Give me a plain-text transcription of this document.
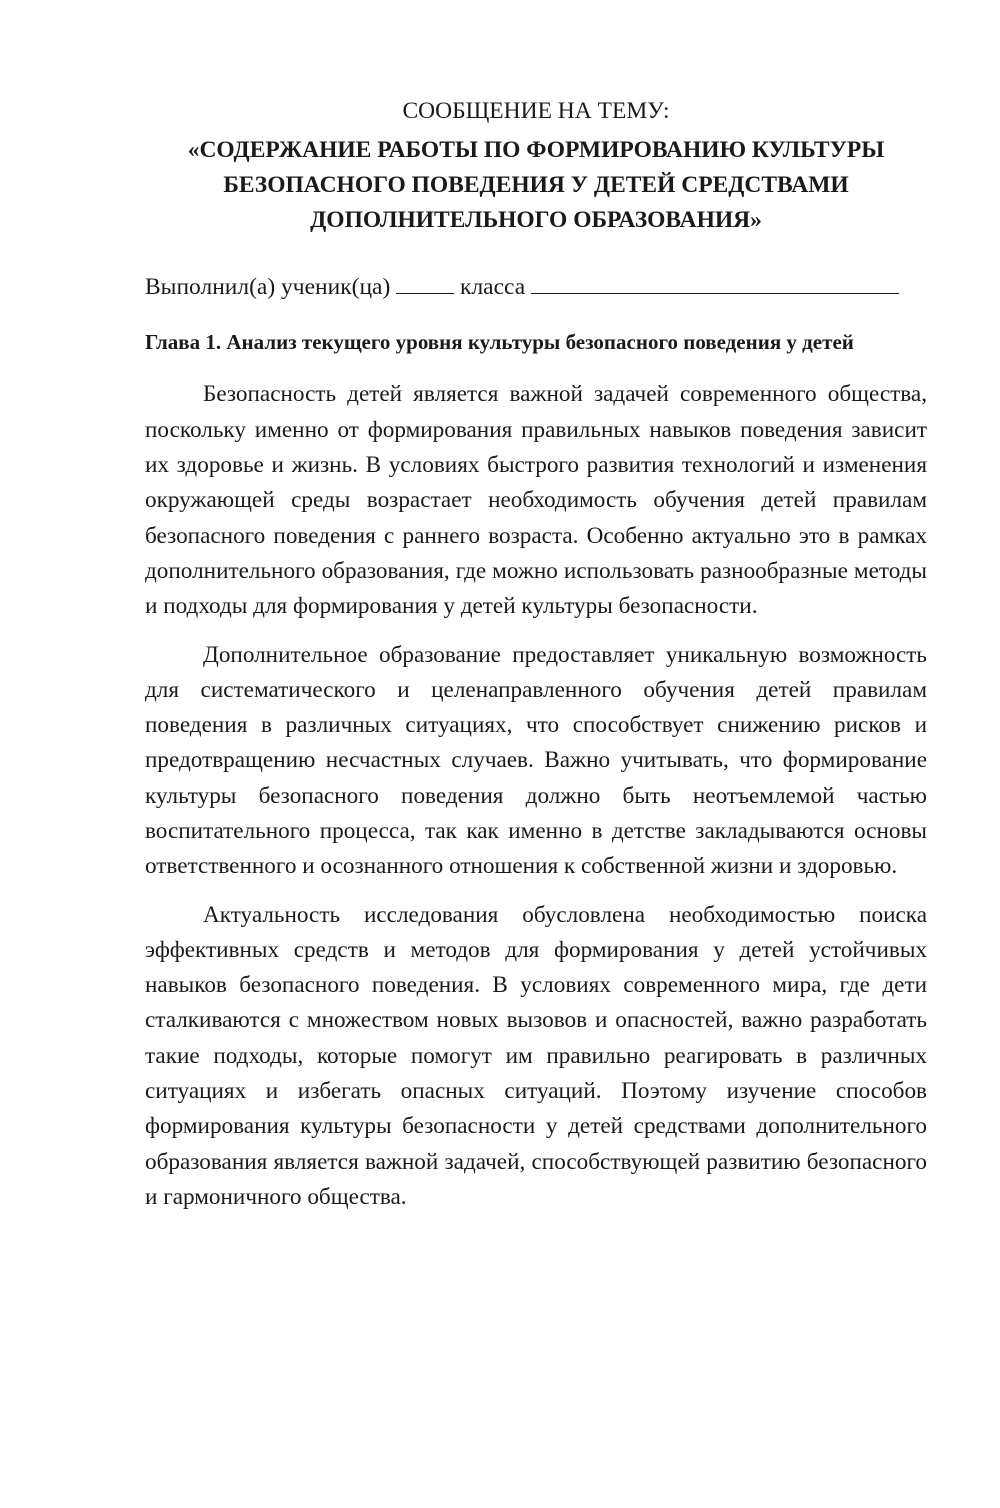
СООБЩЕНИЕ НА ТЕМУ:

«СОДЕРЖАНИЕ РАБОТЫ ПО ФОРМИРОВАНИЮ КУЛЬТУРЫ
БЕЗОПАСНОГО ПОВЕДЕНИЯ У ДЕТЕЙ СРЕДСТВАМИ
ДОПОЛНИТЕЛЬНОГО ОБРАЗОВАНИЯ»
Выполнил(а) ученик(ца)	класса
Глава 1. Анализ текущего уровня культуры безопасного поведения у детей

Безопасность детей является важной задачей современного общества, поскольку именно от формирования правильных навыков поведения зависит их здоровье и жизнь. В условиях быстрого развития технологий и изменения окружающей среды возрастает необходимость обучения детей правилам безопасного поведения с раннего возраста. Особенно актуально это в рамках дополнительного образования, где можно использовать разнообразные методы и подходы для формирования у детей культуры безопасности.

Дополнительное образование предоставляет уникальную возможность для систематического и целенаправленного обучения детей правилам поведения в различных ситуациях, что способствует снижению рисков и предотвращению несчастных случаев. Важно учитывать, что формирование культуры безопасного поведения должно быть неотъемлемой частью воспитательного процесса, так как именно в детстве закладываются основы ответственного и осознанного отношения к собственной жизни и здоровью.

Актуальность исследования обусловлена необходимостью поиска эффективных средств и методов для формирования у детей устойчивых навыков безопасного поведения. В условиях современного мира, где дети сталкиваются с множеством новых вызовов и опасностей, важно разработать такие подходы, которые помогут им правильно реагировать в различных ситуациях и избегать опасных ситуаций. Поэтому изучение способов формирования культуры безопасности у детей средствами дополнительного образования является важной задачей, способствующей развитию безопасного и гармоничного общества.
